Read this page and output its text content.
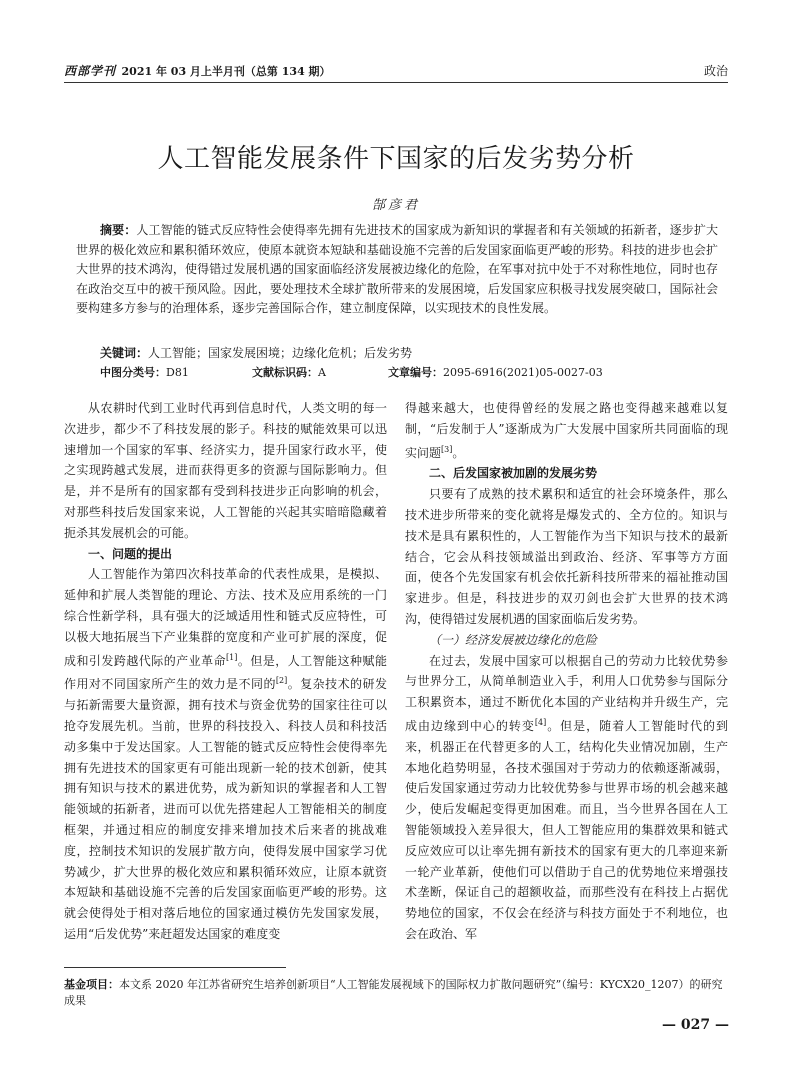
西部学刊 2021 年 03 月上半月刊（总第 134 期）	政治
人工智能发展条件下国家的后发劣势分析
郜彦君
摘要：人工智能的链式反应特性会使得率先拥有先进技术的国家成为新知识的掌握者和有关领域的拓新者，逐步扩大世界的极化效应和累积循环效应，使原本就资本短缺和基础设施不完善的后发国家面临更严峻的形势。科技的进步也会扩大世界的技术鸿沟，使得错过发展机遇的国家面临经济发展被边缘化的危险，在军事对抗中处于不对称性地位，同时也存在政治交互中的被干预风险。因此，要处理技术全球扩散所带来的发展困境，后发国家应积极寻找发展突破口，国际社会要构建多方参与的治理体系，逐步完善国际合作，建立制度保障，以实现技术的良性发展。
关键词：人工智能；国家发展困境；边缘化危机；后发劣势
中图分类号：D81	文献标识码：A	文章编号：2095-6916(2021)05-0027-03

从农耕时代到工业时代再到信息时代，人类文明的每一次进步，都少不了科技发展的影子。科技的赋能效果可以迅速增加一个国家的军事、经济实力，提升国家行政水平，使之实现跨越式发展，进而获得更多的资源与国际影响力。但是，并不是所有的国家都有受到科技进步正向影响的机会，对那些科技后发国家来说，人工智能的兴起其实暗暗隐藏着扼杀其发展机会的可能。

一、问题的提出

人工智能作为第四次科技革命的代表性成果，是模拟、延伸和扩展人类智能的理论、方法、技术及应用系统的一门综合性新学科，具有强大的泛域适用性和链式反应特性，可以极大地拓展当下产业集群的宽度和产业可扩展的深度，促成和引发跨越代际的产业革命[1]。但是，人工智能这种赋能作用对不同国家所产生的效力是不同的[2]。复杂技术的研发与拓新需要大量资源，拥有技术与资金优势的国家往往可以抢夺发展先机。当前，世界的科技投入、科技人员和科技活动多集中于发达国家。人工智能的链式反应特性会使得率先拥有先进技术的国家更有可能出现新一轮的技术创新，使其拥有知识与技术的累进优势，成为新知识的掌握者和人工智能领域的拓新者，进而可以优先搭建起人工智能相关的制度框架，并通过相应的制度安排来增加技术后来者的挑战难度，控制技术知识的发展扩散方向，使得发展中国家学习优势减少，扩大世界的极化效应和累积循环效应，让原本就资本短缺和基础设施不完善的后发国家面临更严峻的形势。这就会使得处于相对落后地位的国家通过模仿先发国家发展，运用“后发优势”来赶超发达国家的难度变

得越来越大，也使得曾经的发展之路也变得越来越难以复制，“后发制于人”逐渐成为广大发展中国家所共同面临的现实问题[3]。

二、后发国家被加剧的发展劣势

只要有了成熟的技术累积和适宜的社会环境条件，那么技术进步所带来的变化就将是爆发式的、全方位的。知识与技术是具有累积性的，人工智能作为当下知识与技术的最新结合，它会从科技领域溢出到政治、经济、军事等方方面面，使各个先发国家有机会依托新科技所带来的福祉推动国家进步。但是，科技进步的双刃剑也会扩大世界的技术鸿沟，使得错过发展机遇的国家面临后发劣势。

（一）经济发展被边缘化的危险

在过去，发展中国家可以根据自己的劳动力比较优势参与世界分工，从简单制造业入手，利用人口优势参与国际分工积累资本，通过不断优化本国的产业结构并升级生产，完成由边缘到中心的转变[4]。但是，随着人工智能时代的到来，机器正在代替更多的人工，结构化失业情况加剧，生产本地化趋势明显，各技术强国对于劳动力的依赖逐渐减弱，使后发国家通过劳动力比较优势参与世界市场的机会越来越少，使后发崛起变得更加困难。而且，当今世界各国在人工智能领域投入差异很大，但人工智能应用的集群效果和链式反应效应可以让率先拥有新技术的国家有更大的几率迎来新一轮产业革新，使他们可以借助于自己的优势地位来增强技术垄断，保证自己的超额收益，而那些没有在科技上占据优势地位的国家，不仅会在经济与科技方面处于不利地位，也会在政治、军

基金项目：本文系 2020 年江苏省研究生培养创新项目“人工智能发展视域下的国际权力扩散问题研究”（编号：KYCX20_1207）的研究成果
— 027 —
